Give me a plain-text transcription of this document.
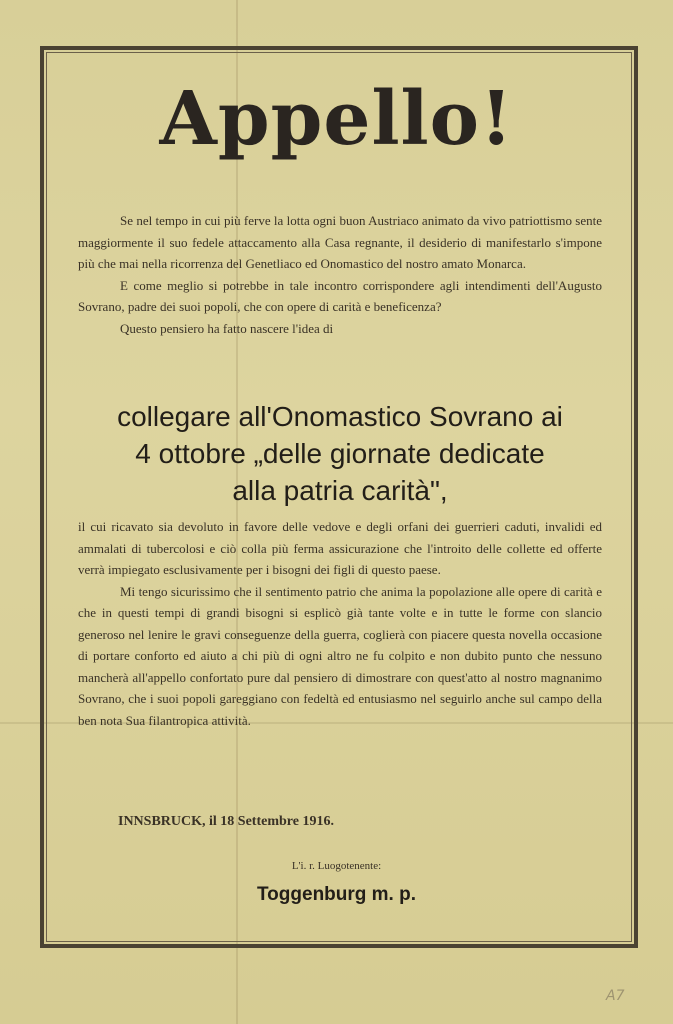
Appello!

Se nel tempo in cui più ferve la lotta ogni buon Austriaco animato da vivo patriottismo sente maggiormente il suo fedele attaccamento alla Casa regnante, il desiderio di manifestarlo s'impone più che mai nella ricorrenza del Genetliaco ed Onomastico del nostro amato Monarca.

E come meglio si potrebbe in tale incontro corrispondere agli intendimenti dell'Augusto Sovrano, padre dei suoi popoli, che con opere di carità e beneficenza?

Questo pensiero ha fatto nascere l'idea di

collegare all'Onomastico Sovrano ai
4 ottobre „delle giornate dedicate
alla patria carità",

il cui ricavato sia devoluto in favore delle vedove e degli orfani dei guerrieri caduti, invalidi ed ammalati di tubercolosi e ciò colla più ferma assicurazione che l'introito delle collette ed offerte verrà impiegato esclusivamente per i bisogni dei figli di questo paese.

Mi tengo sicurissimo che il sentimento patrio che anima la popolazione alle opere di carità e che in questi tempi di grandi bisogni si esplicò già tante volte e in tutte le forme con slancio generoso nel lenire le gravi conseguenze della guerra, coglierà con piacere questa novella occasione di portare conforto ed aiuto a chi più di ogni altro ne fu colpito e non dubito punto che nessuno mancherà all'appello confortato pure dal pensiero di dimostrare con quest'atto al nostro magnanimo Sovrano, che i suoi popoli gareggiano con fedeltà ed entusiasmo nel seguirlo anche sul campo della ben nota Sua filantropica attività.

INNSBRUCK, il 18 Settembre 1916.
L'i. r. Luogotenente:
Toggenburg m. p.
A7
